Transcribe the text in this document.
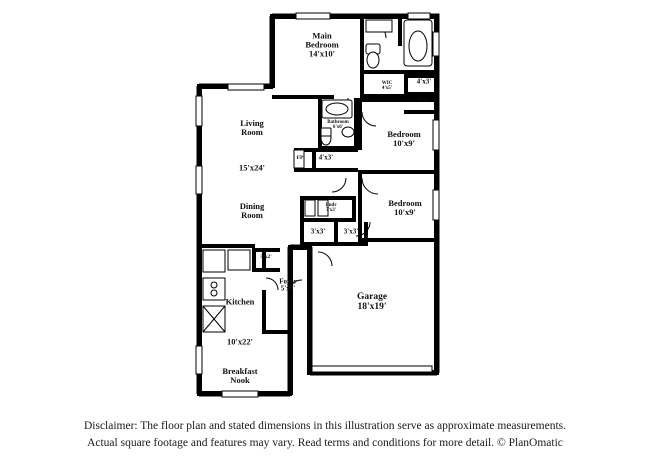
Main
Bedroom
14'x10'
WIC
4'x5'
4'x3'
4'x2'
Bathroom
6'x6'
Bedroom
10'x9'
Living
Room
15'x24'
FP 4'x3'
Dining
Room
Lndr
7'x3'
Bedroom
10'x9'
3'x3'	3'x3'
3'x2'
Foyer
5'x9'
Kitchen
10'x22'
Garage
18'x19'
Breakfast
Nook
Disclaimer: The floor plan and stated dimensions in this illustration serve as approximate measurements.
Actual square footage and features may vary. Read terms and conditions for more detail. © PlanOmatic
